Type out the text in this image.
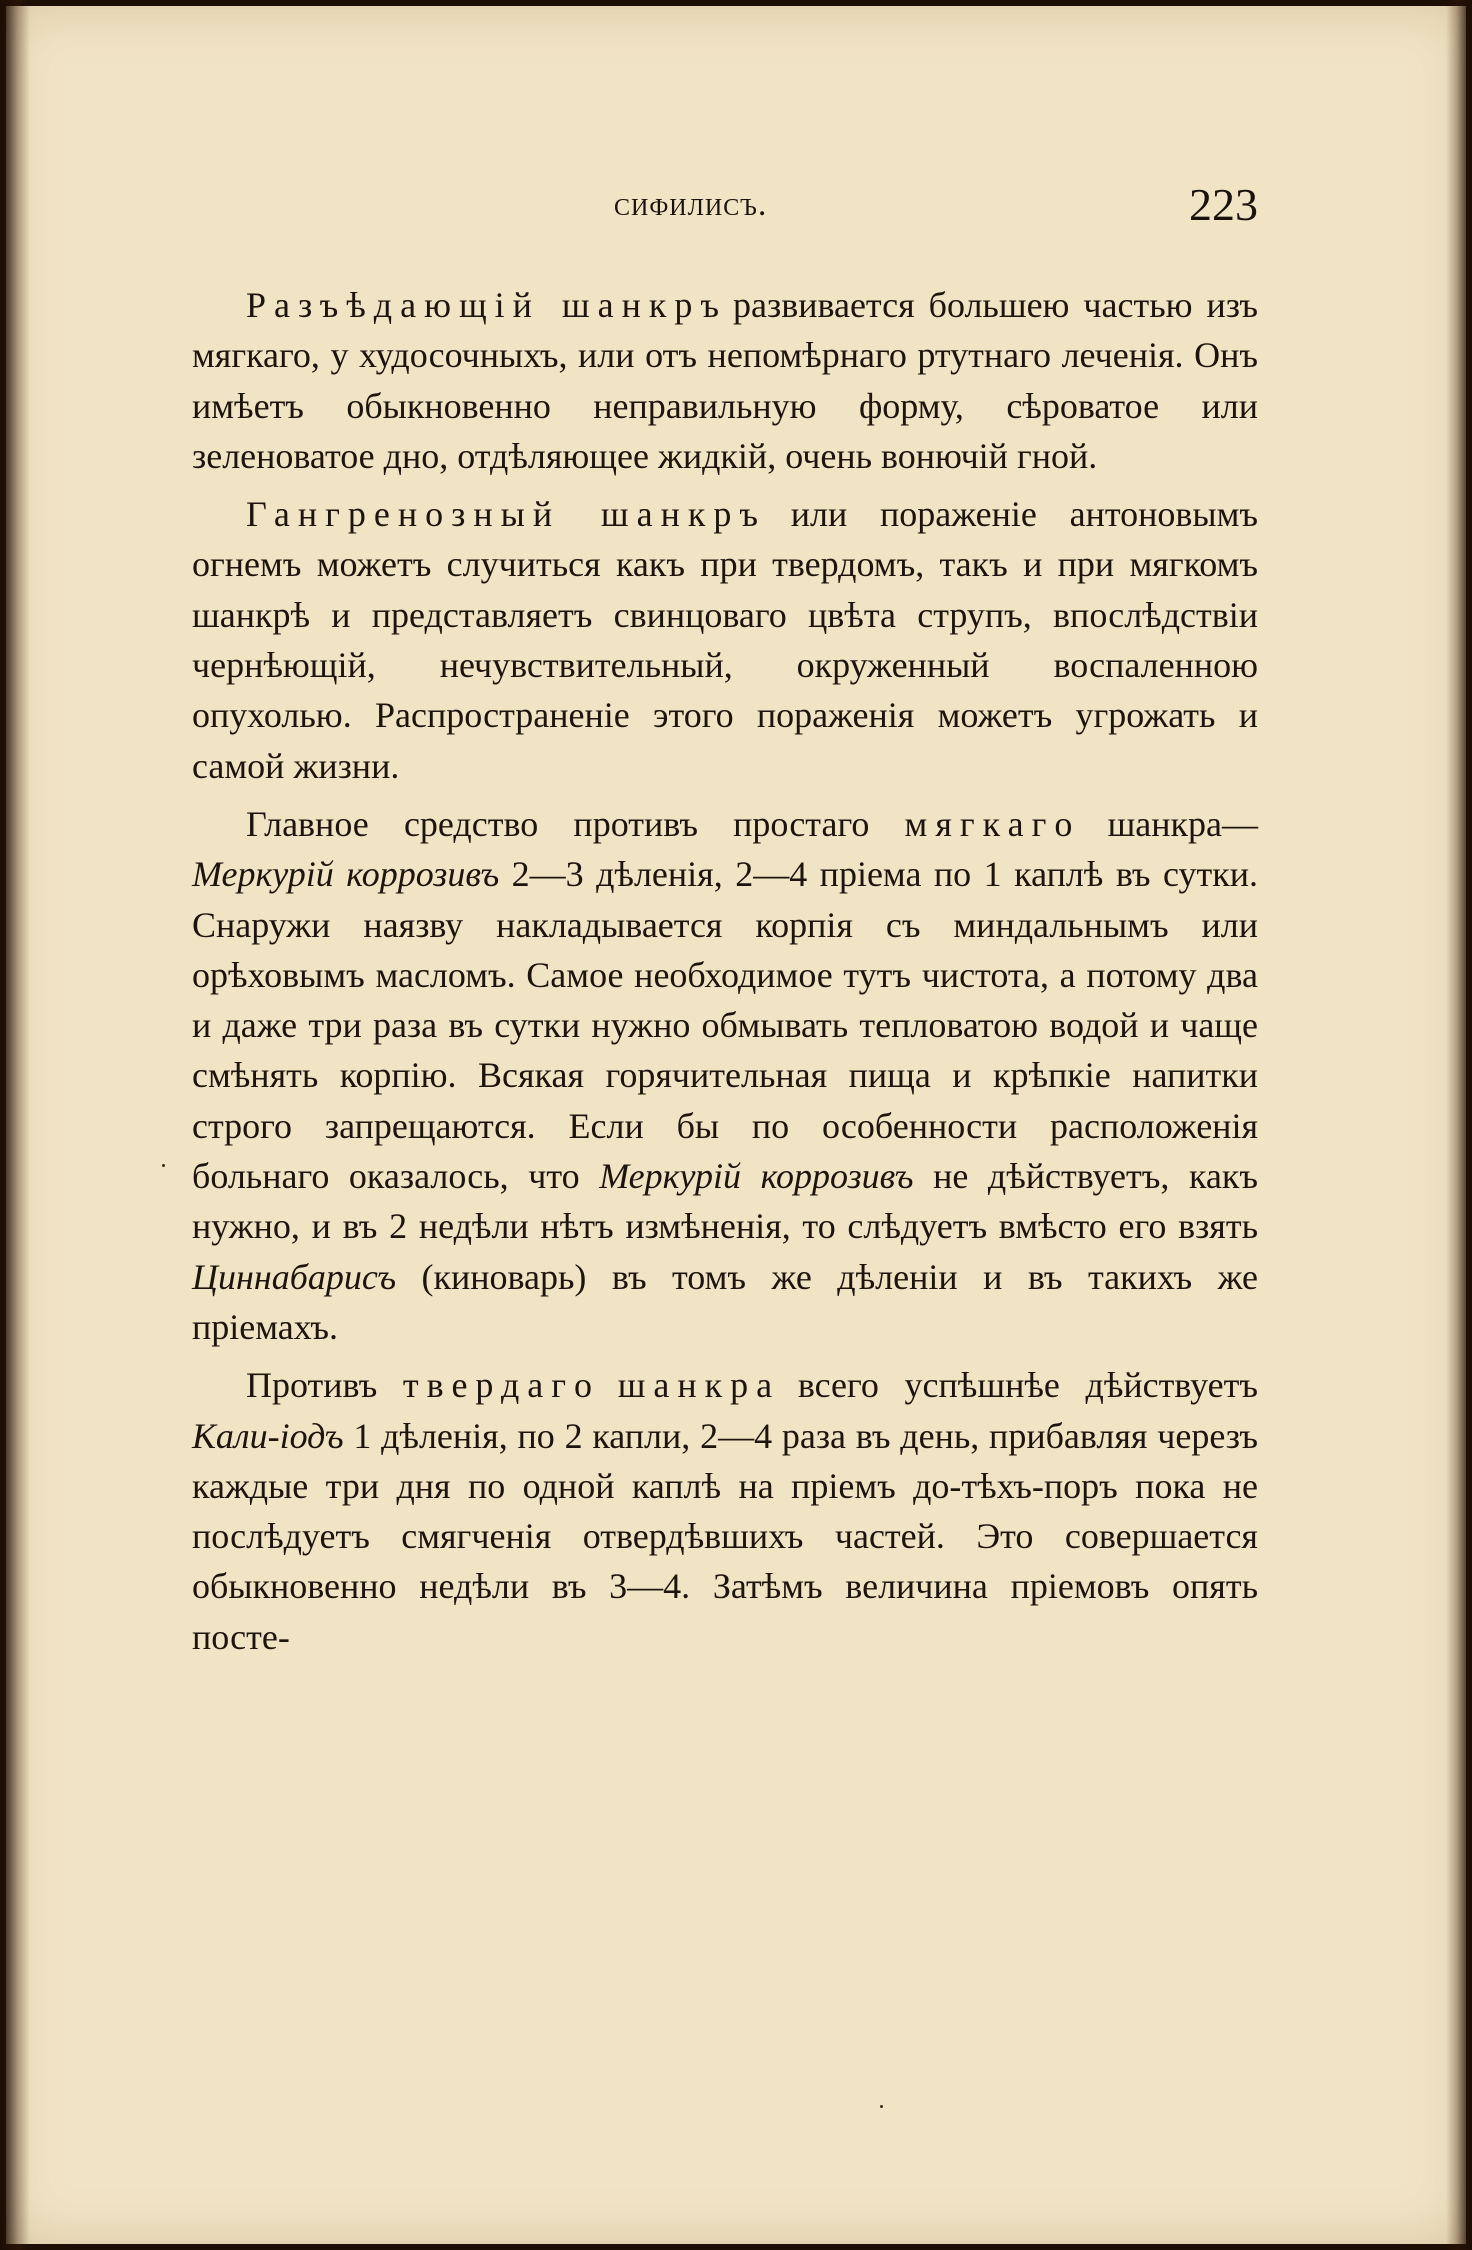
сифилисъ.	223

Разъѣдающій шанкръ развивается большею частью изъ мягкаго, у худосочныхъ, или отъ непомѣрнаго ртутнаго леченія. Онъ имѣетъ обыкновенно неправильную форму, сѣроватое или зеленоватое дно, отдѣляющее жидкій, очень вонючій гной.

Гангренозный шанкръ или пораженіе антоновымъ огнемъ можетъ случиться какъ при твердомъ, такъ и при мягкомъ шанкрѣ и представляетъ свинцоваго цвѣта струпъ, впослѣдствіи чернѣющій, нечувствительный, окруженный воспаленною опухолью. Распространеніе этого пораженія можетъ угрожать и самой жизни.

Главное средство противъ простаго мягкаго шанкра—Меркурій коррозивъ 2—3 дѣленія, 2—4 пріема по 1 каплѣ въ сутки. Снаружи наязву накладывается корпія съ миндальнымъ или орѣховымъ масломъ. Самое необходимое тутъ чистота, а потому два и даже три раза въ сутки нужно обмывать тепловатою водой и чаще смѣнять корпію. Всякая горячительная пища и крѣпкіе напитки строго запрещаются. Если бы по особенности расположенія больнаго оказалось, что Меркурій коррозивъ не дѣйствуетъ, какъ нужно, и въ 2 недѣли нѣтъ измѣненія, то слѣдуетъ вмѣсто его взять Циннабарисъ (киноварь) въ томъ же дѣленіи и въ такихъ же пріемахъ.

Противъ твердаго шанкра всего успѣшнѣе дѣйствуетъ Кали-іодъ 1 дѣленія, по 2 капли, 2—4 раза въ день, прибавляя черезъ каждые три дня по одной каплѣ на пріемъ до-тѣхъ-поръ пока не послѣдуетъ смягченія отвердѣвшихъ частей. Это совершается обыкновенно недѣли въ 3—4. Затѣмъ величина пріемовъ опять посте-
